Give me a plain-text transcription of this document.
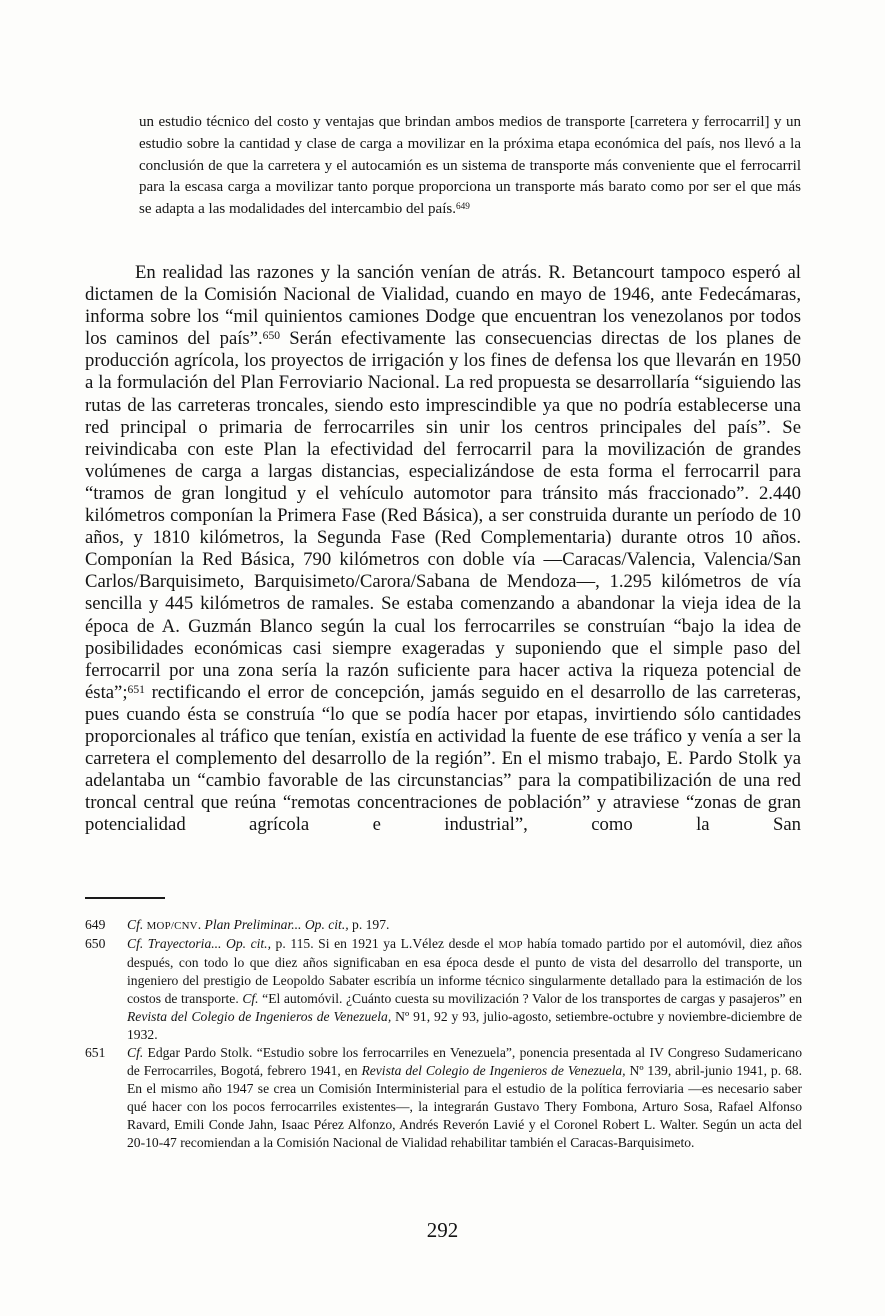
un estudio técnico del costo y ventajas que brindan ambos medios de transporte [carretera y ferrocarril] y un estudio sobre la cantidad y clase de carga a movilizar en la próxima etapa económica del país, nos llevó a la conclusión de que la carretera y el autocamión es un sistema de transporte más conveniente que el ferrocarril para la escasa carga a movilizar tanto porque proporciona un transporte más barato como por ser el que más se adapta a las modalidades del intercambio del país.$^{649}$
En realidad las razones y la sanción venían de atrás. R. Betancourt tampoco esperó al dictamen de la Comisión Nacional de Vialidad, cuando en mayo de 1946, ante Fedecámaras, informa sobre los “mil quinientos camiones Dodge que encuentran los venezolanos por todos los caminos del país”.$^{650}$ Serán efectivamente las consecuencias directas de los planes de producción agrícola, los proyectos de irrigación y los fines de defensa los que llevarán en 1950 a la formulación del Plan Ferroviario Nacional. La red propuesta se desarrollaría “siguiendo las rutas de las carreteras troncales, siendo esto imprescindible ya que no podría establecerse una red principal o primaria de ferrocarriles sin unir los centros principales del país”. Se reivindicaba con este Plan la efectividad del ferrocarril para la movilización de grandes volúmenes de carga a largas distancias, especializándose de esta forma el ferrocarril para “tramos de gran longitud y el vehículo automotor para tránsito más fraccionado”. 2.440 kilómetros componían la Primera Fase (Red Básica), a ser construida durante un período de 10 años, y 1810 kilómetros, la Segunda Fase (Red Complementaria) durante otros 10 años. Componían la Red Básica, 790 kilómetros con doble vía —Caracas/Valencia, Valencia/San Carlos/Barquisimeto, Barquisimeto/Carora/Sabana de Mendoza—, 1.295 kilómetros de vía sencilla y 445 kilómetros de ramales. Se estaba comenzando a abandonar la vieja idea de la época de A. Guzmán Blanco según la cual los ferrocarriles se construían “bajo la idea de posibilidades económicas casi siempre exageradas y suponiendo que el simple paso del ferrocarril por una zona sería la razón suficiente para hacer activa la riqueza potencial de ésta”;$^{651}$ rectificando el error de concepción, jamás seguido en el desarrollo de las carreteras, pues cuando ésta se construía “lo que se podía hacer por etapas, invirtiendo sólo cantidades proporcionales al tráfico que tenían, existía en actividad la fuente de ese tráfico y venía a ser la carretera el complemento del desarrollo de la región”. En el mismo trabajo, E. Pardo Stolk ya adelantaba un “cambio favorable de las circunstancias” para la compatibilización de una red troncal central que reúna “remotas concentraciones de población” y atraviese “zonas de gran potencialidad agrícola e industrial”, como la San
649 Cf. MOP/CNV. Plan Preliminar... Op. cit., p. 197.
650 Cf. Trayectoria... Op. cit., p. 115. Si en 1921 ya L.Vélez desde el MOP había tomado partido por el automóvil, diez años después, con todo lo que diez años significaban en esa época desde el punto de vista del desarrollo del transporte, un ingeniero del prestigio de Leopoldo Sabater escribía un informe técnico singularmente detallado para la estimación de los costos de transporte. Cf. “El automóvil. ¿Cuánto cuesta su movilización ? Valor de los transportes de cargas y pasajeros” en Revista del Colegio de Ingenieros de Venezuela, Nº 91, 92 y 93, julio-agosto, setiembre-octubre y noviembre-diciembre de 1932.
651 Cf. Edgar Pardo Stolk. “Estudio sobre los ferrocarriles en Venezuela”, ponencia presentada al IV Congreso Sudamericano de Ferrocarriles, Bogotá, febrero 1941, en Revista del Colegio de Ingenieros de Venezuela, Nº 139, abril-junio 1941, p. 68. En el mismo año 1947 se crea un Comisión Interministerial para el estudio de la política ferroviaria —es necesario saber qué hacer con los pocos ferrocarriles existentes—, la integrarán Gustavo Thery Fombona, Arturo Sosa, Rafael Alfonso Ravard, Emili Conde Jahn, Isaac Pérez Alfonzo, Andrés Reverón Lavié y el Coronel Robert L. Walter. Según un acta del 20-10-47 recomiendan a la Comisión Nacional de Vialidad rehabilitar también el Caracas-Barquisimeto.
292
